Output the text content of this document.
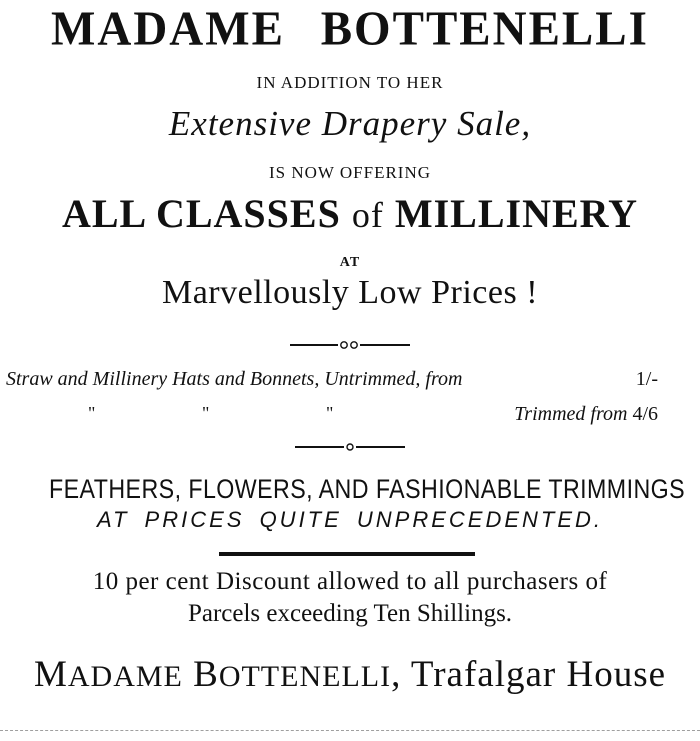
MADAME BOTTENELLI
IN ADDITION TO HER
Extensive Drapery Sale,
IS NOW OFFERING
ALL CLASSES of MILLINERY
AT
Marvellously Low Prices !
Straw and Millinery Hats and Bonnets, Untrimmed, from	1/-
"	"	"	Trimmed from 4/6
FEATHERS, FLOWERS, AND FASHIONABLE TRIMMINGS
AT PRICES QUITE UNPRECEDENTED.
10 per cent Discount allowed to all purchasers of
Parcels exceeding Ten Shillings.
MADAME BOTTENELLI, Trafalgar House
